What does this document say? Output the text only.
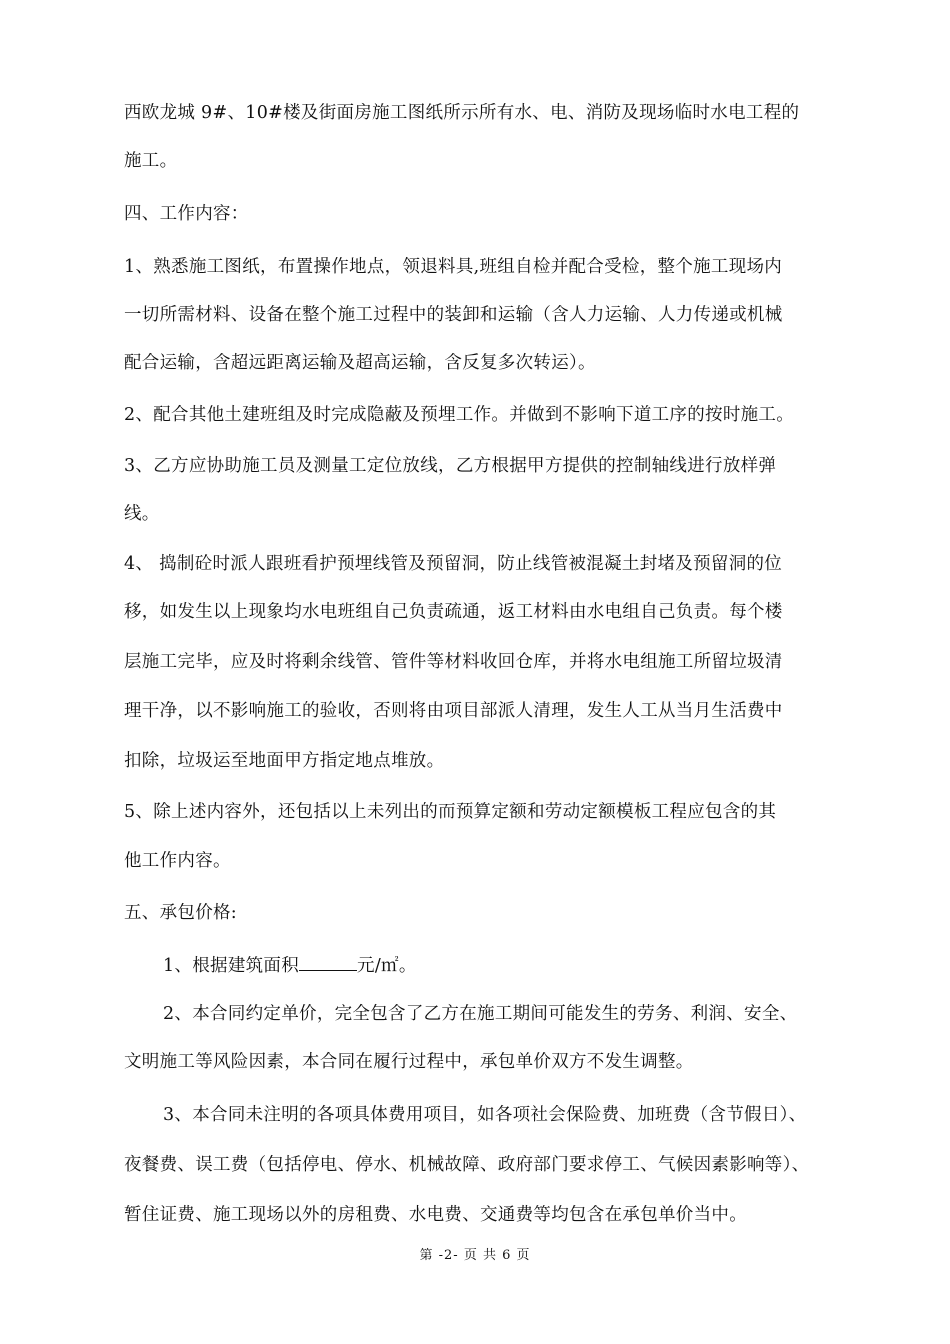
西欧龙城 9#、10#楼及街面房施工图纸所示所有水、电、消防及现场临时水电工程的
施工。
四、工作内容：
1、熟悉施工图纸，布置操作地点，领退料具,班组自检并配合受检，整个施工现场内
一切所需材料、设备在整个施工过程中的装卸和运输（含人力运输、人力传递或机械
配合运输，含超远距离运输及超高运输，含反复多次转运）。
2、配合其他土建班组及时完成隐蔽及预埋工作。并做到不影响下道工序的按时施工。
3、乙方应协助施工员及测量工定位放线，乙方根据甲方提供的控制轴线进行放样弹
线。
4、 捣制砼时派人跟班看护预埋线管及预留洞，防止线管被混凝土封堵及预留洞的位
移，如发生以上现象均水电班组自己负责疏通，返工材料由水电组自己负责。每个楼
层施工完毕，应及时将剩余线管、管件等材料收回仓库，并将水电组施工所留垃圾清
理干净，以不影响施工的验收，否则将由项目部派人清理，发生人工从当月生活费中
扣除，垃圾运至地面甲方指定地点堆放。
5、除上述内容外，还包括以上未列出的而预算定额和劳动定额模板工程应包含的其
他工作内容。
五、承包价格:
1、根据建筑面积	元/㎡。
2、本合同约定单价，完全包含了乙方在施工期间可能发生的劳务、利润、安全、
文明施工等风险因素，本合同在履行过程中，承包单价双方不发生调整。
3、本合同未注明的各项具体费用项目，如各项社会保险费、加班费（含节假日）、
夜餐费、误工费（包括停电、停水、机械故障、政府部门要求停工、气候因素影响等）、
暂住证费、施工现场以外的房租费、水电费、交通费等均包含在承包单价当中。
第 -2- 页 共 6 页
